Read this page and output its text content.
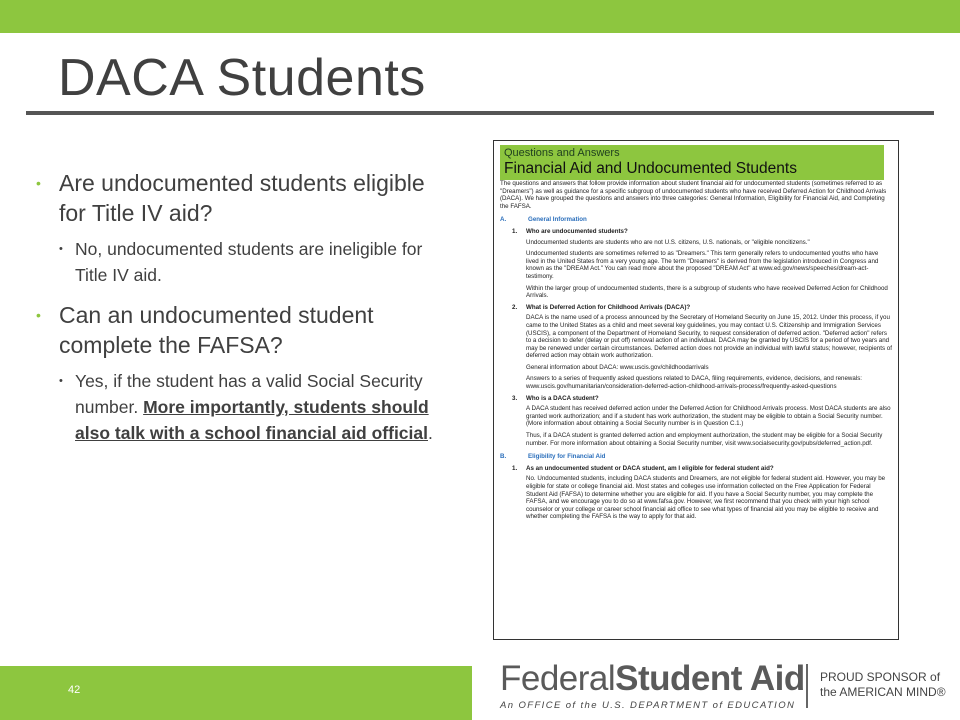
DACA Students
• Are undocumented students eligible for Title IV aid?
• No, undocumented students are ineligible for Title IV aid.
• Can an undocumented student complete the FAFSA?
• Yes, if the student has a valid Social Security number. More importantly, students should also talk with a school financial aid official.
Questions and Answers
Financial Aid and Undocumented Students

The questions and answers that follow provide information about student financial aid for undocumented students (sometimes referred to as "Dreamers") as well as guidance for a specific subgroup of undocumented students who have received Deferred Action for Childhood Arrivals (DACA). We have grouped the questions and answers into three categories: General Information, Eligibility for Financial Aid, and Completing the FAFSA.

A.	General Information
1.	Who are undocumented students?

Undocumented students are students who are not U.S. citizens, U.S. nationals, or "eligible noncitizens."

Undocumented students are sometimes referred to as "Dreamers." This term generally refers to undocumented youths who have lived in the United States from a very young age. The term "Dreamers" is derived from the legislation introduced in Congress and known as the "DREAM Act." You can read more about the proposed "DREAM Act" at www.ed.gov/news/speeches/dream-act-testimony.

Within the larger group of undocumented students, there is a subgroup of students who have received Deferred Action for Childhood Arrivals.

2.	What is Deferred Action for Childhood Arrivals (DACA)?

DACA is the name used of a process announced by the Secretary of Homeland Security on June 15, 2012. Under this process, if you came to the United States as a child and meet several key guidelines, you may contact U.S. Citizenship and Immigration Services (USCIS), a component of the Department of Homeland Security, to request consideration of deferred action. "Deferred action" refers to a decision to defer (delay or put off) removal action of an individual. DACA may be granted by USCIS for a period of two years and may be renewed under certain circumstances. Deferred action does not provide an individual with lawful status; however, recipients of deferred action may obtain work authorization.

General information about DACA: www.uscis.gov/childhoodarrivals

Answers to a series of frequently asked questions related to DACA, filing requirements, evidence, decisions, and renewals: www.uscis.gov/humanitarian/consideration-deferred-action-childhood-arrivals-process/frequently-asked-questions

3.	Who is a DACA student?

A DACA student has received deferred action under the Deferred Action for Childhood Arrivals process. Most DACA students are also granted work authorization; and if a student has work authorization, the student may be eligible to obtain a Social Security number. (More information about obtaining a Social Security number is in Question C.1.)

Thus, if a DACA student is granted deferred action and employment authorization, the student may be eligible for a Social Security number. For more information about obtaining a Social Security number, visit www.socialsecurity.gov/pubs/deferred_action.pdf.

B.	Eligibility for Financial Aid
1.	As an undocumented student or DACA student, am I eligible for federal student aid?

No. Undocumented students, including DACA students and Dreamers, are not eligible for federal student aid. However, you may be eligible for state or college financial aid. Most states and colleges use information collected on the Free Application for Federal Student Aid (FAFSA) to determine whether you are eligible for aid. If you have a Social Security number, you may complete the FAFSA, and we encourage you to do so at www.fafsa.gov. However, we first recommend that you check with your high school counselor or your college or career school financial aid office to see what types of financial aid you may be eligible to receive and whether completing the FAFSA is the way to apply for that aid.

42	FederalStudent Aid
An OFFICE of the U.S. DEPARTMENT of EDUCATION
PROUD SPONSOR of
the AMERICAN MIND®
